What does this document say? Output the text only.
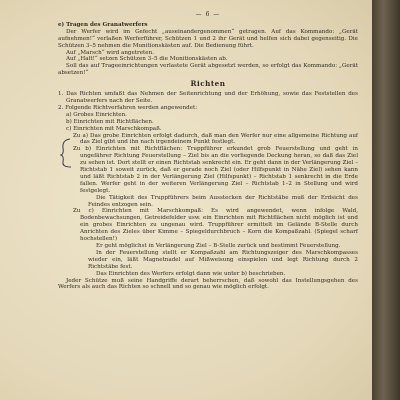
— 6 —
e) Tragen des Granatwerfers

Der Werfer wird im Gefecht „auseinandergenommen“ getragen. Auf das Kommando: „Gerät aufnehmen!“ verlaßen Werferführer, Schützen 1 und 2 ihr Gerät und helfen sich dabei gegenseitig. Die Schützen 3–5 nehmen die Munitionskästen auf. Die Bedienung führt.

Auf „Marsch“ wird angetreten.

Auf „Halt!“ setzen Schützen 3–5 die Munitionskästen ab.

Soll das auf Trageeinrichtungen verlastete Gerät abgesetzt werden, so erfolgt das Kommando: „Gerät absetzen!“

Richten

1. Das Richten umfaßt das Nehmen der Seitenrichtung und der Erhöhung, sowie das Feststellen des Granatwerfers nach der Seite.

2. Folgende Richtverfahren werden angewendet:

a) Grobes Einrichten.

b) Einrichten mit Richtflächen.

c) Einrichten mit Marschkompaß.

Zu a) Das grobe Einrichten erfolgt dadurch, daß man den Werfer nur eine allgemeine Richtung auf das Ziel gibt und ihn nach irgendeinem Punkt festlegt.

Zu b) Einrichten mit Richtflächen: Truppführer erkundet grob Feuerstellung und geht in ungefährer Richtung Feuerstellung – Ziel bis an die vorliegende Deckung heran, so daß das Ziel zu sehen ist. Dort stellt er einen Richtstab senkrecht ein. Er geht dann in der Verlängerung Ziel – Richtstab 1 soweit zurück, daß er gerade noch Ziel (oder Hilfspunkt in Nähe Ziel) sehen kann und läßt Richtstab 2 in der Verlängerung Ziel (Hilfspunkt) – Richtstab 1 senkrecht in die Erde fallen. Werfer geht in der weiteren Verlängerung Ziel – Richtstab 1–2 in Stellung und wird festgelegt.

Die Tätigkeit des Truppführers beim Ausstecken der Richtstäbe muß der Erdsicht des Feindes entzogen sein.

Zu c) Einrichten mit Marschkompaß: Es wird angewendet, wenn infolge Wald, Bodenbewachsungen, Getreidefelder usw. ein Einrichten mit Richtflächen nicht möglich ist und ein grobes Einrichten zu ungenau wird. Truppführer ermittelt im Gelände B-Stelle durch Anrichten des Zieles über Kimme – Spiegeldurchbruch – Korn die Kompaßzahl. (Spiegel scharf hochstellen!)

Er geht möglichst in Verlängerung Ziel – B-Stelle zurück und bestimmt Feuerstellung.

In der Feuerstellung stellt er Kompaßzahl am Richtungszeiger des Marschkompasses wieder ein, läßt Magnetnadel auf Mißweisung einspielen und legt Richtung durch 2 Richtstäbe fest.

Das Einrichten des Werfers erfolgt dann wie unter b) beschrieben.

Jeder Schütze muß seine Handgriffe derart beherrschen, daß sowohl das Instellungsgehen des Werfers als auch das Richten so schnell und so genau wie möglich erfolgt.
